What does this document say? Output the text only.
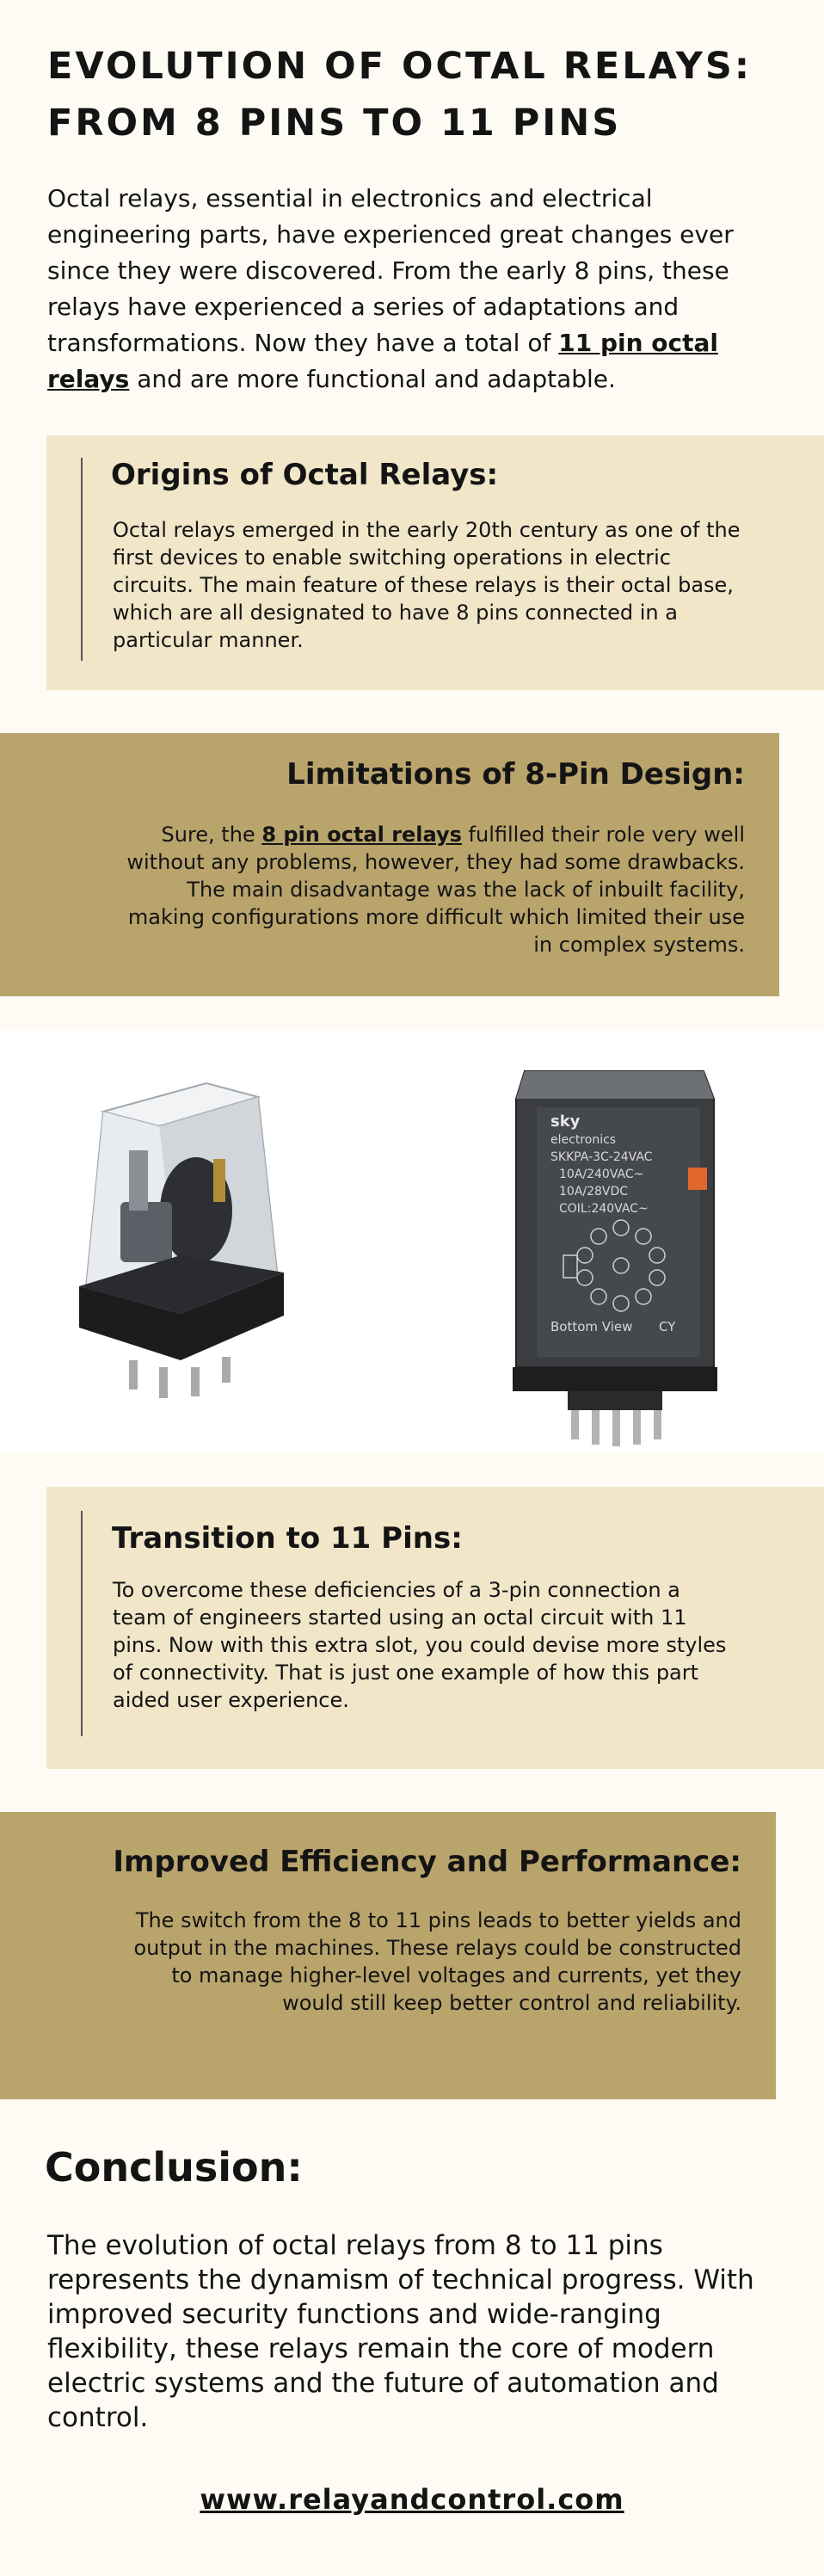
EVOLUTION OF OCTAL RELAYS: FROM 8 PINS TO 11 PINS
Octal relays, essential in electronics and electrical engineering parts, have experienced great changes ever since they were discovered. From the early 8 pins, these relays have experienced a series of adaptations and transformations. Now they have a total of 11 pin octal relays and are more functional and adaptable.
Origins of Octal Relays:
Octal relays emerged in the early 20th century as one of the first devices to enable switching operations in electric circuits. The main feature of these relays is their octal base, which are all designated to have 8 pins connected in a particular manner.
Limitations of 8-Pin Design:
Sure, the 8 pin octal relays fulfilled their role very well without any problems, however, they had some drawbacks. The main disadvantage was the lack of inbuilt facility, making configurations more difficult which limited their use in complex systems.
sky
electronics
SKKPA-3C-24VAC
10A/240VAC~
10A/28VDC
COIL:240VAC~
Bottom View CY
Transition to 11 Pins:
To overcome these deficiencies of a 3-pin connection a team of engineers started using an octal circuit with 11 pins. Now with this extra slot, you could devise more styles of connectivity. That is just one example of how this part aided user experience.
Improved Efficiency and Performance:
The switch from the 8 to 11 pins leads to better yields and output in the machines. These relays could be constructed to manage higher-level voltages and currents, yet they would still keep better control and reliability.
Conclusion:
The evolution of octal relays from 8 to 11 pins represents the dynamism of technical progress. With improved security functions and wide-ranging flexibility, these relays remain the core of modern electric systems and the future of automation and control.
www.relayandcontrol.com
